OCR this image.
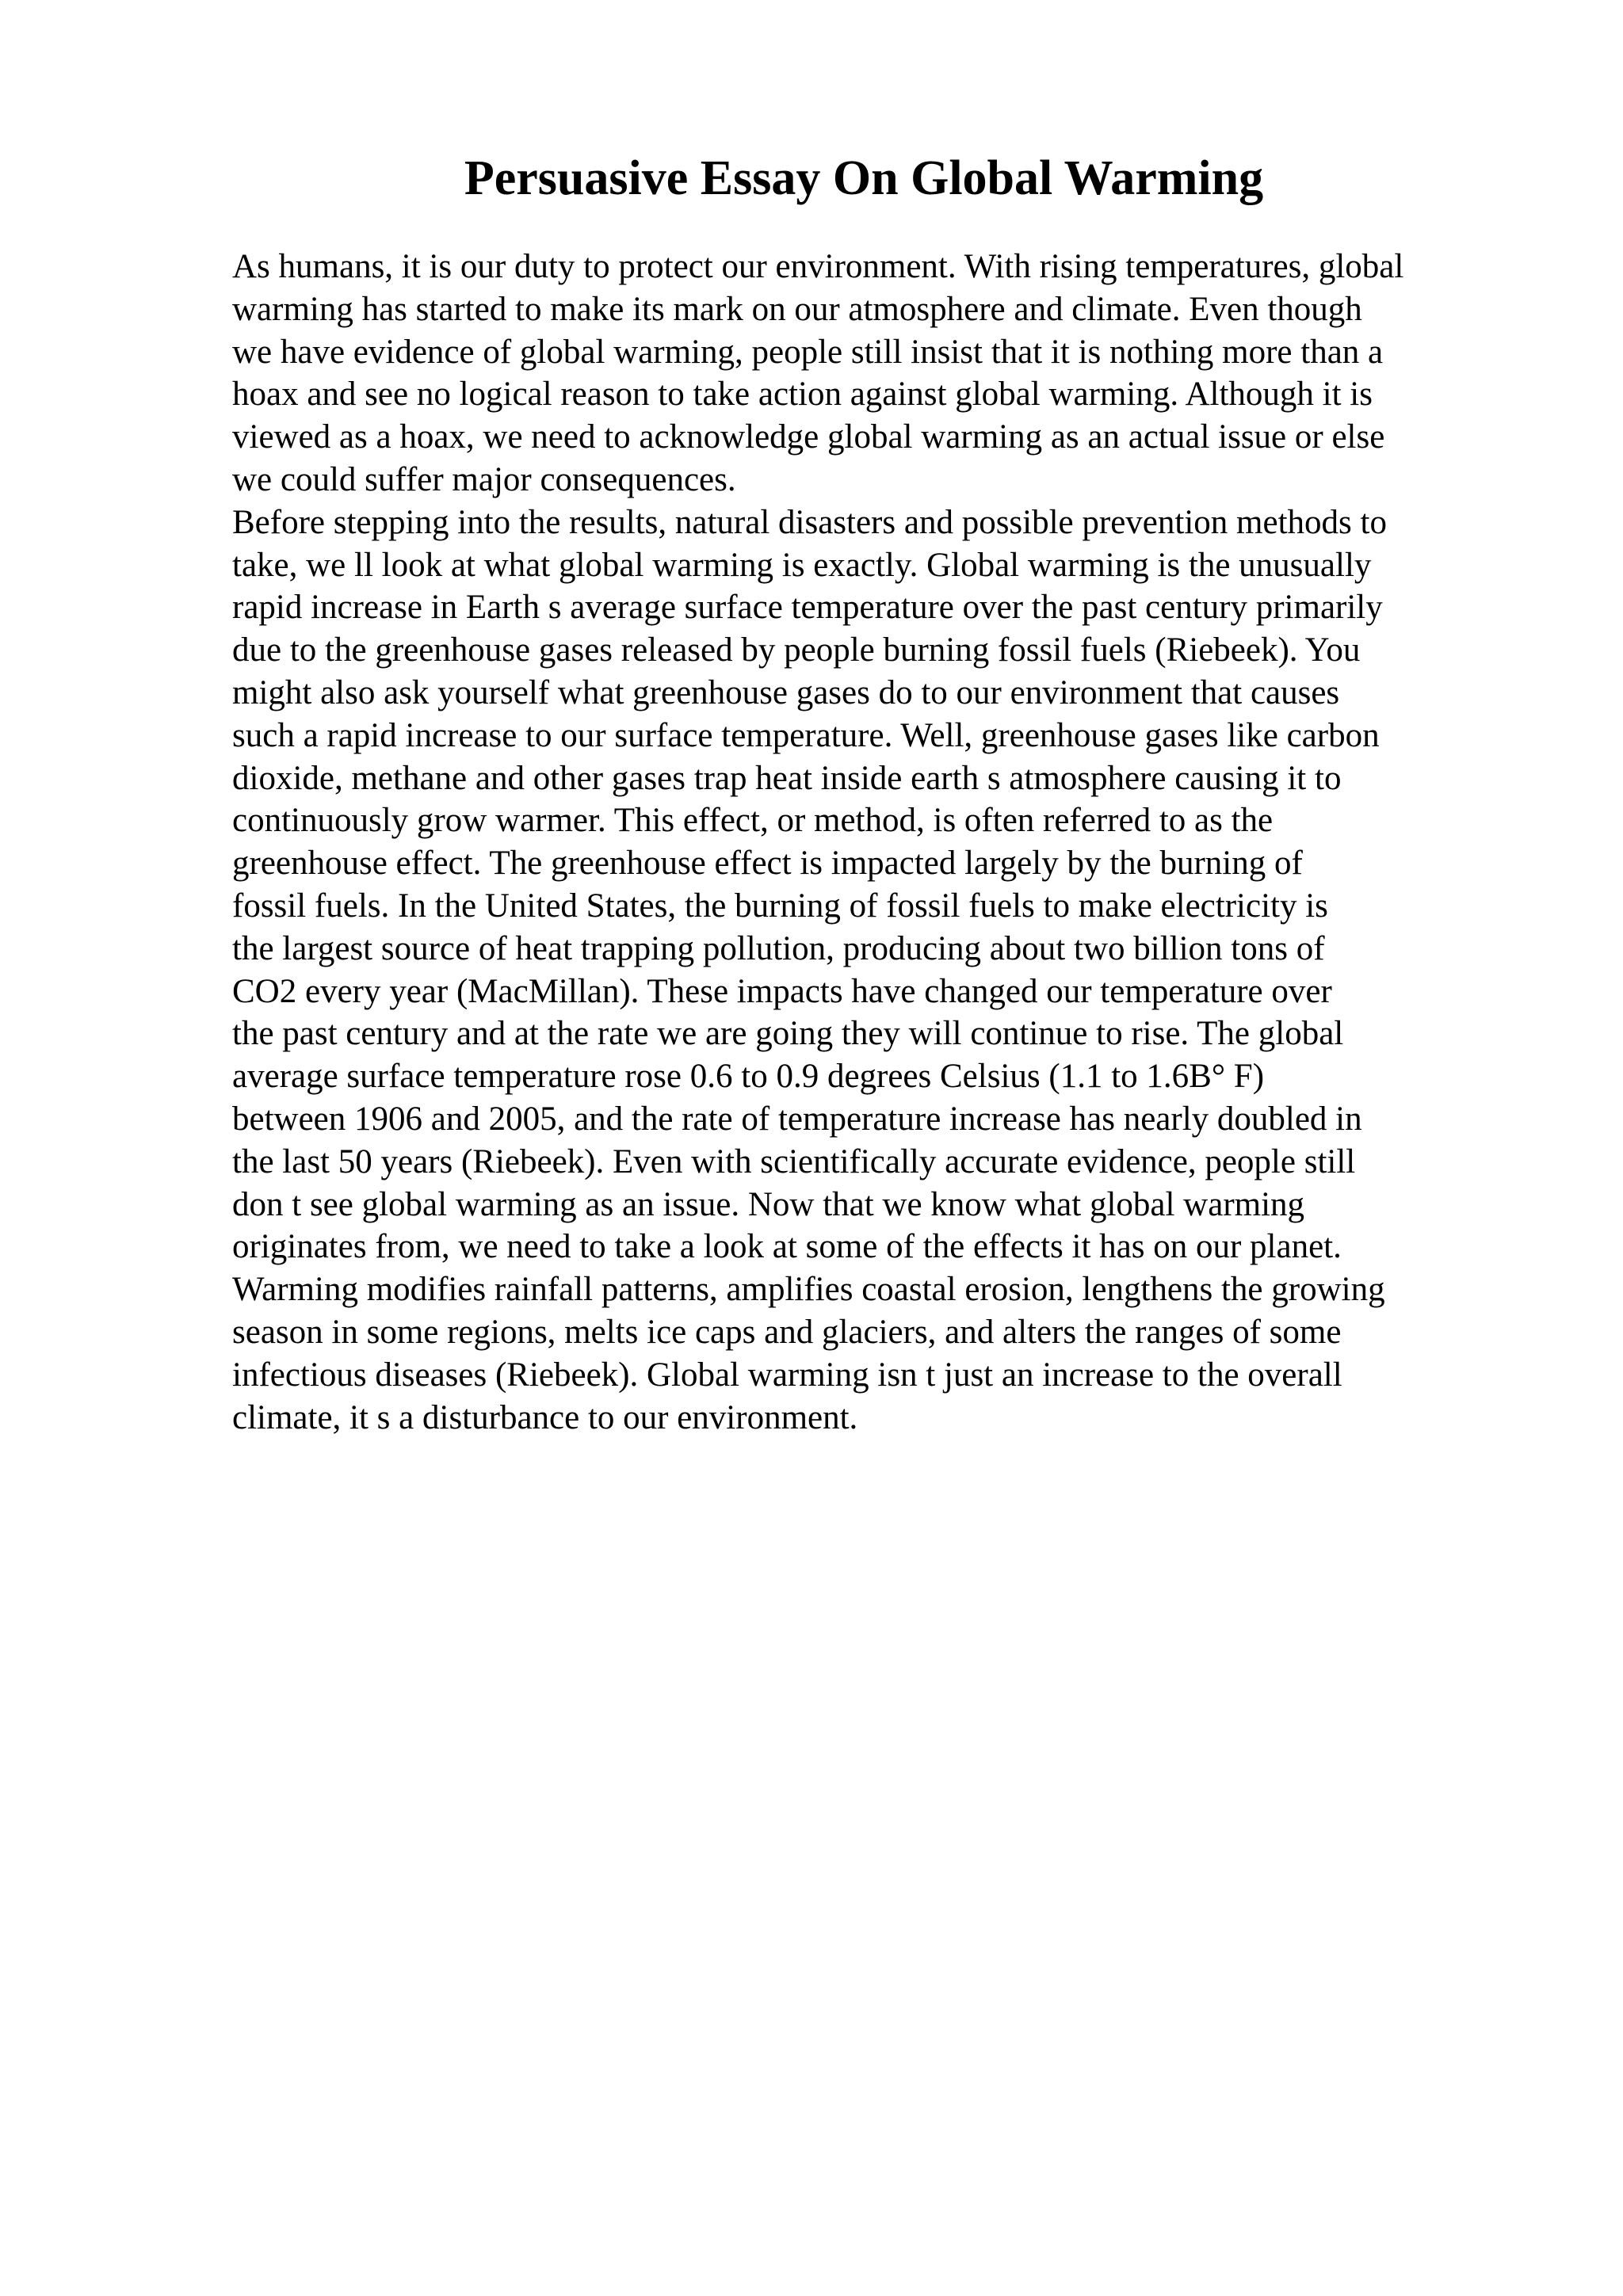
Persuasive Essay On Global Warming
As humans, it is our duty to protect our environment. With rising temperatures, global
warming has started to make its mark on our atmosphere and climate. Even though
we have evidence of global warming, people still insist that it is nothing more than a
hoax and see no logical reason to take action against global warming. Although it is
viewed as a hoax, we need to acknowledge global warming as an actual issue or else
we could suffer major consequences.
Before stepping into the results, natural disasters and possible prevention methods to
take, we ll look at what global warming is exactly. Global warming is the unusually
rapid increase in Earth s average surface temperature over the past century primarily
due to the greenhouse gases released by people burning fossil fuels (Riebeek). You
might also ask yourself what greenhouse gases do to our environment that causes
such a rapid increase to our surface temperature. Well, greenhouse gases like carbon
dioxide, methane and other gases trap heat inside earth s atmosphere causing it to
continuously grow warmer. This effect, or method, is often referred to as the
greenhouse effect. The greenhouse effect is impacted largely by the burning of
fossil fuels. In the United States, the burning of fossil fuels to make electricity is
the largest source of heat trapping pollution, producing about two billion tons of
CO2 every year (MacMillan). These impacts have changed our temperature over
the past century and at the rate we are going they will continue to rise. The global
average surface temperature rose 0.6 to 0.9 degrees Celsius (1.1 to 1.6B° F)
between 1906 and 2005, and the rate of temperature increase has nearly doubled in
the last 50 years (Riebeek). Even with scientifically accurate evidence, people still
don t see global warming as an issue. Now that we know what global warming
originates from, we need to take a look at some of the effects it has on our planet.
Warming modifies rainfall patterns, amplifies coastal erosion, lengthens the growing
season in some regions, melts ice caps and glaciers, and alters the ranges of some
infectious diseases (Riebeek). Global warming isn t just an increase to the overall
climate, it s a disturbance to our environment.
